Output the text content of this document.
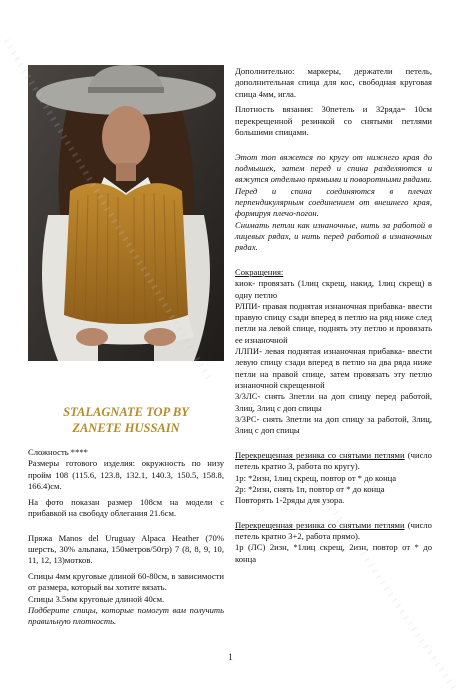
STALAGNATE TOP BY
ZANETE HUSSAIN

Сложность ****

Размеры готового изделия: окружность по низу пройм 108 (115.6, 123.8, 132.1, 140.3, 150.5, 158.8, 166.4)см.

На фото показан размер 108см на модели с прибавкой на свободу облегания 21.6см.

Пряжа Manos del Uruguay Alpaca Heather (70% шерсть, 30% альпака, 150метров/50гр) 7 (8, 8, 9, 10, 11, 12, 13)мотков.

Спицы 4мм круговые длиной 60-80см, в зависимости от размера, который вы хотите вязать.

Спицы 3.5мм круговые длиной 40см.

Подберите спицы, которые помогут вам получить правильную плотность.

Дополнительно: маркеры, держатели петель, дополнительная спица для кос, свободная круговая спица 4мм, игла.

Плотность вязания: 30петель и 32ряда= 10см перекрещенной резинкой со снятыми петлями большими спицами.

Этот топ вяжется по кругу от нижнего края до подмышек, затем перед и спина разделяются и вяжутся отдельно прямыми и поворотными рядами. Перед и спина соединяются в плечах перпендикулярным соединением от внешнего края, формируя плечо-погон.

Снимать петли как изнаночные, нить за работой в лицевых рядах, и нить перед работой в изнаночных рядах.

Сокращения:

киок- провязать (1лиц скрещ, накид, 1лиц скрещ) в одну петлю

РЛПИ- правая поднятая изнаночная прибавка- ввести правую спицу сзади вперед в петлю на ряд ниже след петли на левой спице, поднять эту петлю и провязать ее изнаночной

ЛЛПИ- левая поднятая изнаночная прибавка- ввести левую спицу сзади вперед в петлю на два ряда ниже петли на правой спице, затем провязать эту петлю изнаночной скрещенной

3/3ЛС- снять 3петли на доп спицу перед работой, 3лиц, 3лиц с доп спицы

3/3РС- снять 3петли на доп спицу за работой, 3лиц, 3лиц с доп спицы

Перекрещенная резинка со снятыми петлями (число петель кратно 3, работа по кругу).

1р: *2изн, 1лиц скрещ, повтор от * до конца

2р: *2изн, снять 1п, повтор от * до конца

Повторять 1-2ряды для узора.

Перекрещенная резинка со снятыми петлями (число петель кратно 3+2, работа прямо).

1р (ЛС) 2изн, *1лиц скрещ, 2изн, повтор от * до конца

1
